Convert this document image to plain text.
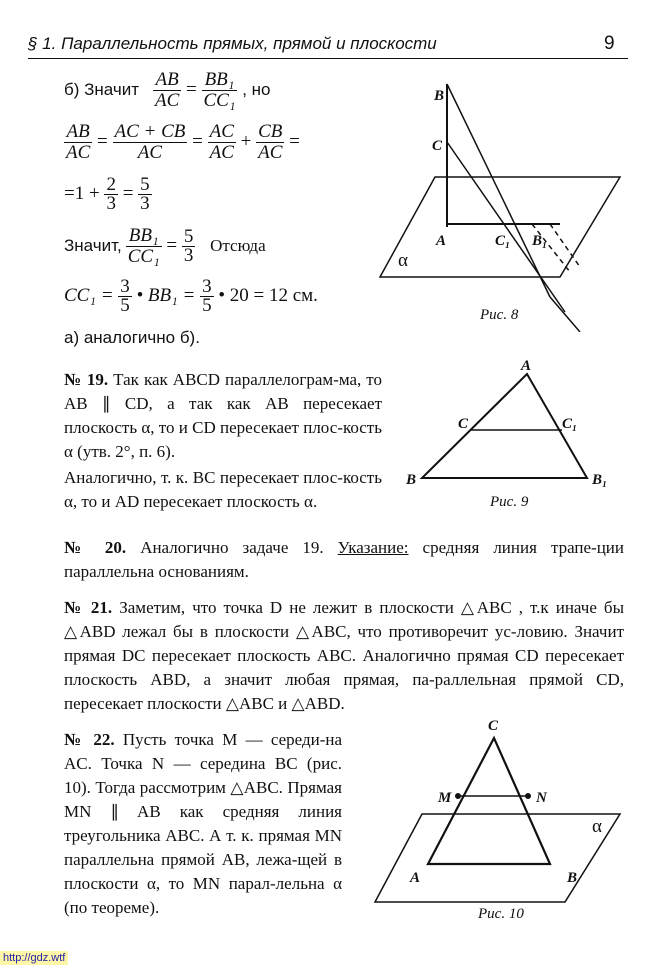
§ 1. Параллельность прямых, прямой и плоскости	9
б) Значит $\frac{AB}{AC} = \frac{\text{BB₁}}{\text{CC₁}}$ , но
$\frac{AB}{AC} = \frac{AC + CB}{AC} = \frac{AC}{AC} + \frac{CB}{AC}$ =
$=1 + \frac{2}{3} = \frac{5}{3}$
Значит, $\frac{\text{BB₁}}{\text{CC₁}} = \frac{5}{3}$ Отсюда
$CC_1 = \frac{3}{5}$ • $BB_1 = \frac{3}{5}$ • 20 = 12 см.
а) аналогично б).
B
C
A	C₁ B₁
α
Рис. 8
№ 19. Так как ABCD параллелограм-ма, то AB ∥ CD, а так как AB пересекает плоскость α, то и CD пересекает плос-кость α (утв. 2°, п. 6).
Аналогично, т. к. BC пересекает плос-кость α, то и AD пересекает плоскость α.
A
C	C₁
B	B₁
Рис. 9
№ 20. Аналогично задаче 19. Указание: средняя линия трапе-ции параллельна основаниям.
№ 21. Заметим, что точка D не лежит в плоскости △ABC , т.к иначе бы △ABD лежал бы в плоскости △ABC, что противоречит ус-ловию. Значит прямая DC пересекает плоскость ABC. Аналогично прямая CD пересекает плоскость ABD, а значит любая прямая, па-раллельная прямой CD, пересекает плоскости △ABC и △ABD.
№ 22. Пусть точка M — середи-на AC. Точка N — середина BC (рис. 10). Тогда рассмотрим △ABC. Прямая MN ∥ AB как средняя линия треугольника ABC. А т. к. прямая MN параллельна прямой AB, лежа-щей в плоскости α, то MN парал-лельна α (по теореме).
C
M	N
A	B
α
Рис. 10
http://gdz.wtf
